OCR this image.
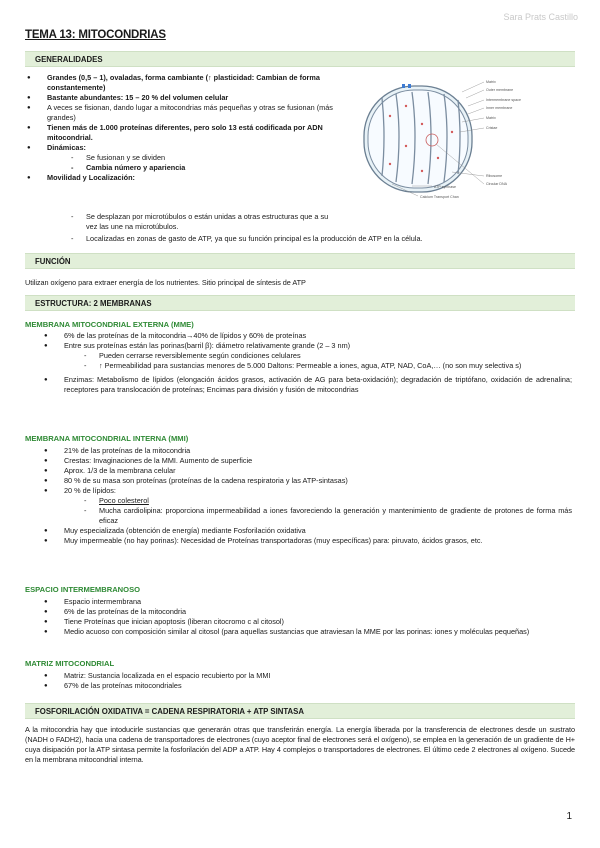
Sara Prats Castillo
TEMA 13: MITOCONDRIAS
GENERALIDADES
● Grandes (0,5 – 1), ovaladas, forma cambiante (↑ plasticidad: Cambian de forma constantemente)
● Bastante abundantes: 15 – 20 % del volumen celular
● A veces se fisionan, dando lugar a mitocondrias más pequeñas y otras se fusionan (más grandes)
● Tienen más de 1.000 proteínas diferentes, pero solo 13 está codificada por ADN mitocondrial.
● Dinámicas:
- Se fusionan y se dividen
- Cambia número y apariencia
● Movilidad y Localización:
- Se desplazan por microtúbulos o están unidas a otras estructuras que a su vez las une na microtúbulos.
- Localizadas en zonas de gasto de ATP, ya que su función principal es la producción de ATP en la célula.
Matrix
Outer membrane
Intermembrane space
Inner membrane
Matrix
Cristae
Ribosome
Circular DNA
ATP synthase
Calcium Transport Chan
FUNCIÓN
Utilizan oxígeno para extraer energía de los nutrientes. Sitio principal de síntesis de ATP
ESTRUCTURA: 2 MEMBRANAS
MEMBRANA MITOCONDRIAL EXTERNA (MME)
● 6% de las proteínas de la mitocondria→40% de lípidos y 60% de proteínas
● Entre sus proteínas están las porinas(barril β): diámetro relativamente grande (2 – 3 nm)
- Pueden cerrarse reversiblemente según condiciones celulares
- ↑ Permeabilidad para sustancias menores de 5.000 Daltons: Permeable a iones, agua, ATP, NAD, CoA,… (no son muy selectiva s)
● Enzimas: Metabolismo de lípidos (elongación ácidos grasos, activación de AG para beta-oxidación); degradación de triptófano, oxidación de adrenalina; receptores para translocación de proteínas; Encimas para división y fusión de mitocondrias
MEMBRANA MITOCONDRIAL INTERNA (MMI)
● 21% de las proteínas de la mitocondria
● Crestas: Invaginaciones de la MMI. Aumento de superficie
● Aprox. 1/3 de la membrana celular
● 80 % de su masa son proteínas (proteínas de la cadena respiratoria y las ATP-sintasas)
● 20 % de lípidos:
- Poco colesterol
- Mucha cardiolipina: proporciona impermeabilidad a iones favoreciendo la generación y mantenimiento de gradiente de protones de forma más eficaz
● Muy especializada (obtención de energía) mediante Fosforilación oxidativa
● Muy impermeable (no hay porinas): Necesidad de Proteínas transportadoras (muy específicas) para: piruvato, ácidos grasos, etc.
ESPACIO INTERMEMBRANOSO
● Espacio intermembrana
● 6% de las proteínas de la mitocondria
● Tiene Proteínas que inician apoptosis (liberan citocromo c al citosol)
● Medio acuoso con composición similar al citosol (para aquellas sustancias que atraviesan la MME por las porinas: iones y moléculas pequeñas)
MATRIZ MITOCONDRIAL
● Matriz: Sustancia localizada en el espacio recubierto por la MMI
● 67% de las proteínas mitocondriales
FOSFORILACIÓN OXIDATIVA = CADENA RESPIRATORIA + ATP SINTASA
A la mitocondria hay que intoducirle sustancias que generarán otras que transferirán energía. La energía liberada por la transferencia de electrones desde un sustrato (NADH o FADH2), hacia una cadena de transportadores de electrones (cuyo aceptor final de electrones será el oxígeno), se emplea en la generación de un gradiente de H+ cuya disipación por la ATP sintasa permite la fosforilación del ADP a ATP. Hay 4 complejos o transportadores de electrones. El último cede 2 electrones al oxígeno. Sucede en la membrana mitocondrial interna.
1
